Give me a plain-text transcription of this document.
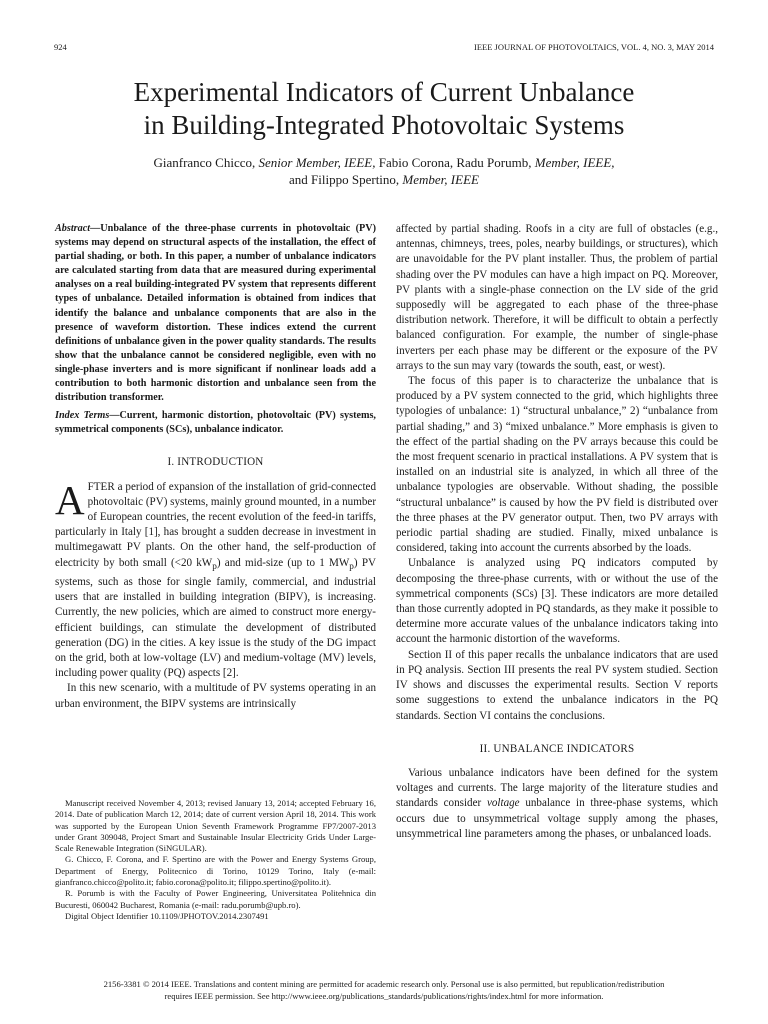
924	IEEE JOURNAL OF PHOTOVOLTAICS, VOL. 4, NO. 3, MAY 2014
Experimental Indicators of Current Unbalance
in Building-Integrated Photovoltaic Systems
Gianfranco Chicco, Senior Member, IEEE, Fabio Corona, Radu Porumb, Member, IEEE,
and Filippo Spertino, Member, IEEE
Abstract—Unbalance of the three-phase currents in photovoltaic (PV) systems may depend on structural aspects of the installation, the effect of partial shading, or both. In this paper, a number of unbalance indicators are calculated starting from data that are measured during experimental analyses on a real building-integrated PV system that represents different types of unbalance. Detailed information is obtained from indices that identify the balance and unbalance components that are also in the presence of waveform distortion. These indices extend the current definitions of unbalance given in the power quality standards. The results show that the unbalance cannot be considered negligible, even with no single-phase inverters and is more significant if nonlinear loads add a contribution to both harmonic distortion and unbalance seen from the distribution transformer.
Index Terms—Current, harmonic distortion, photovoltaic (PV) systems, symmetrical components (SCs), unbalance indicator.
I. INTRODUCTION

AFTER a period of expansion of the installation of grid-connected photovoltaic (PV) systems, mainly ground mounted, in a number of European countries, the recent evolution of the feed-in tariffs, particularly in Italy [1], has brought a sudden decrease in investment in multimegawatt PV plants. On the other hand, the self-production of electricity by both small (<20 $kW_p$) and mid-size (up to 1 $MW_p$) PV systems, such as those for single family, commercial, and industrial users that are installed in building integration (BIPV), is increasing. Currently, the new policies, which are aimed to construct more energy-efficient buildings, can stimulate the development of distributed generation (DG) in the cities. A key issue is the study of the DG impact on the grid, both at low-voltage (LV) and medium-voltage (MV) levels, including power quality (PQ) aspects [2].

In this new scenario, with a multitude of PV systems operating in an urban environment, the BIPV systems are intrinsically

Manuscript received November 4, 2013; revised January 13, 2014; accepted February 16, 2014. Date of publication March 12, 2014; date of current version April 18, 2014. This work was supported by the European Union Seventh Framework Programme FP7/2007-2013 under Grant 309048, Project Smart and Sustainable Insular Electricity Grids Under Large-Scale Renewable Integration (SiNGULAR).

G. Chicco, F. Corona, and F. Spertino are with the Power and Energy Systems Group, Department of Energy, Politecnico di Torino, 10129 Torino, Italy (e-mail: gianfranco.chicco@polito.it; fabio.corona@polito.it; filippo.spertino@polito.it).

R. Porumb is with the Faculty of Power Engineering, Universitatea Politehnica din Bucuresti, 060042 Bucharest, Romania (e-mail: radu.porumb@upb.ro).

Digital Object Identifier 10.1109/JPHOTOV.2014.2307491

affected by partial shading. Roofs in a city are full of obstacles (e.g., antennas, chimneys, trees, poles, nearby buildings, or structures), which are unavoidable for the PV plant installer. Thus, the problem of partial shading over the PV modules can have a high impact on PQ. Moreover, PV plants with a single-phase connection on the LV side of the grid supposedly will be aggregated to each phase of the three-phase distribution network. Therefore, it will be difficult to obtain a perfectly balanced configuration. For example, the number of single-phase inverters per each phase may be different or the exposure of the PV arrays to the sun may vary (towards the south, east, or west).

The focus of this paper is to characterize the unbalance that is produced by a PV system connected to the grid, which highlights three typologies of unbalance: 1) “structural unbalance,” 2) “unbalance from partial shading,” and 3) “mixed unbalance.” More emphasis is given to the effect of the partial shading on the PV arrays because this could be the most frequent scenario in practical installations. A PV system that is installed on an industrial site is analyzed, in which all three of the unbalance typologies are observable. Without shading, the possible “structural unbalance” is caused by how the PV field is distributed over the three phases at the PV generator output. Then, two PV arrays with periodic partial shading are studied. Finally, mixed unbalance is considered, taking into account the currents absorbed by the loads.

Unbalance is analyzed using PQ indicators computed by decomposing the three-phase currents, with or without the use of the symmetrical components (SCs) [3]. These indicators are more detailed than those currently adopted in PQ standards, as they make it possible to determine more accurate values of the unbalance indicators taking into account the harmonic distortion of the waveforms.

Section II of this paper recalls the unbalance indicators that are used in PQ analysis. Section III presents the real PV system studied. Section IV shows and discusses the experimental results. Section V reports some suggestions to extend the unbalance indicators in the PQ standards. Section VI contains the conclusions.

II. UNBALANCE INDICATORS

Various unbalance indicators have been defined for the system voltages and currents. The large majority of the literature studies and standards consider voltage unbalance in three-phase systems, which occurs due to unsymmetrical voltage supply among the phases, unsymmetrical line parameters among the phases, or unbalanced loads.

2156-3381 © 2014 IEEE. Translations and content mining are permitted for academic research only. Personal use is also permitted, but republication/redistribution
requires IEEE permission. See http://www.ieee.org/publications_standards/publications/rights/index.html for more information.
